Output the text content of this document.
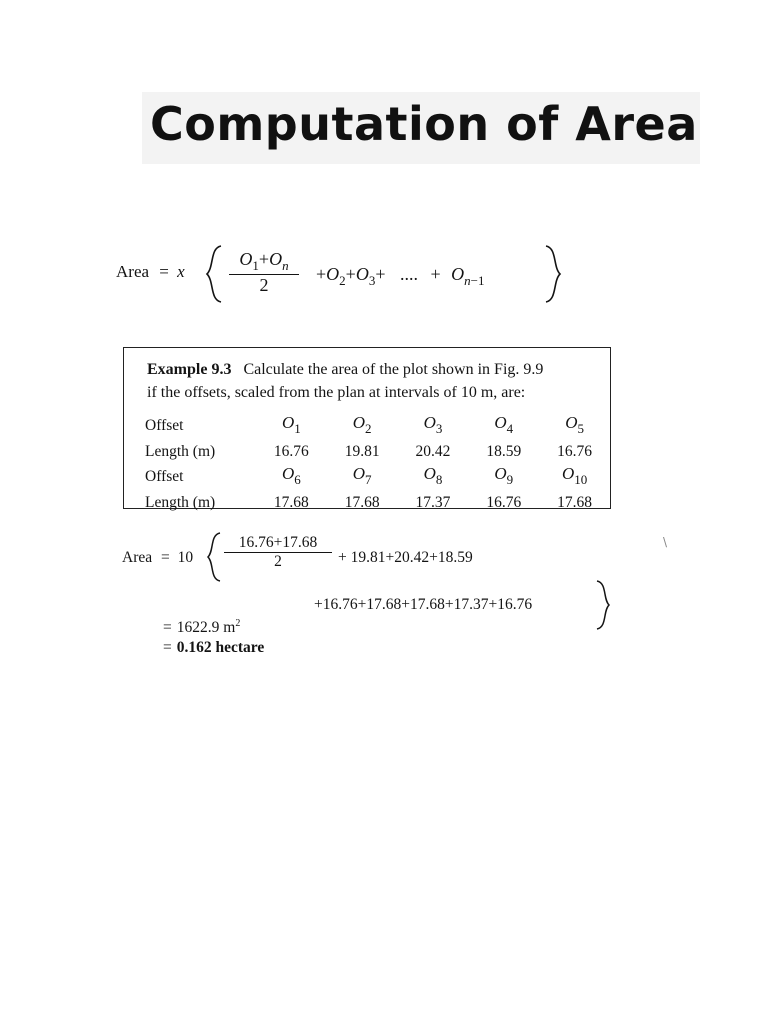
Computation of Area
Area = x
$O_1+O_n$
2
$+O_2+O_3+$ .... + $O_{n-1}$
Example 9.3 Calculate the area of the plot shown in Fig. 9.9
if the offsets, scaled from the plan at intervals of 10 m, are:
Offset	$O_1$	$O_2$	$O_3$	$O_4$	$O_5$
Length (m)	16.76	19.81	20.42	18.59	16.76
Offset	$O_6$	$O_7$	$O_8$	$O_9$	$O_{10}$
Length (m)	17.68	17.68	17.37	16.76	17.68
Area = 10
16.76+17.68
2	+ 19.81+20.42+18.59
+16.76+17.68+17.68+17.37+16.76
= 1622.9 $m^2$
= 0.162 hectare
\
